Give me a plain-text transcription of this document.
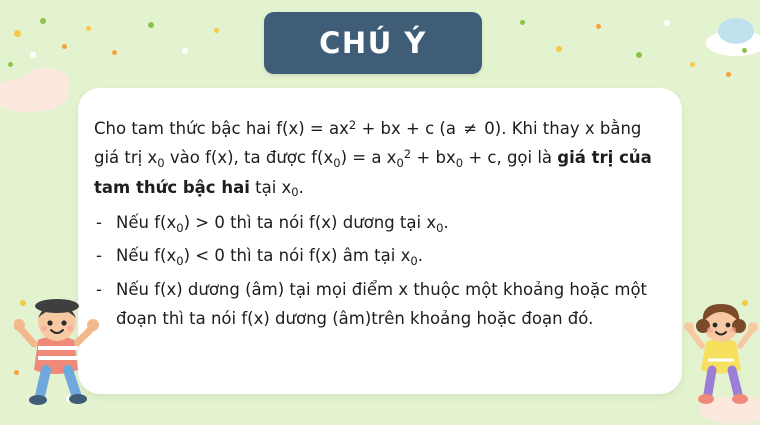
CHÚ Ý

Cho tam thức bậc hai $f(x) = ax^2$ + bx + c (a ≠ 0). Khi thay x bằng giá trị $x_0$ vào f(x), ta được $f(x_0) = a$ $x_0^2 + bx_0 + c$, gọi là giá trị của tam thức bậc hai tại $x_0$.

- Nếu $f(x_0) > 0$ thì ta nói f(x) dương tại $x_0$.
- Nếu $f(x_0) < 0$ thì ta nói f(x) âm tại $x_0$.
- Nếu f(x) dương (âm) tại mọi điểm x thuộc một khoảng hoặc một đoạn thì ta nói f(x) dương (âm)trên khoảng hoặc đoạn đó.
